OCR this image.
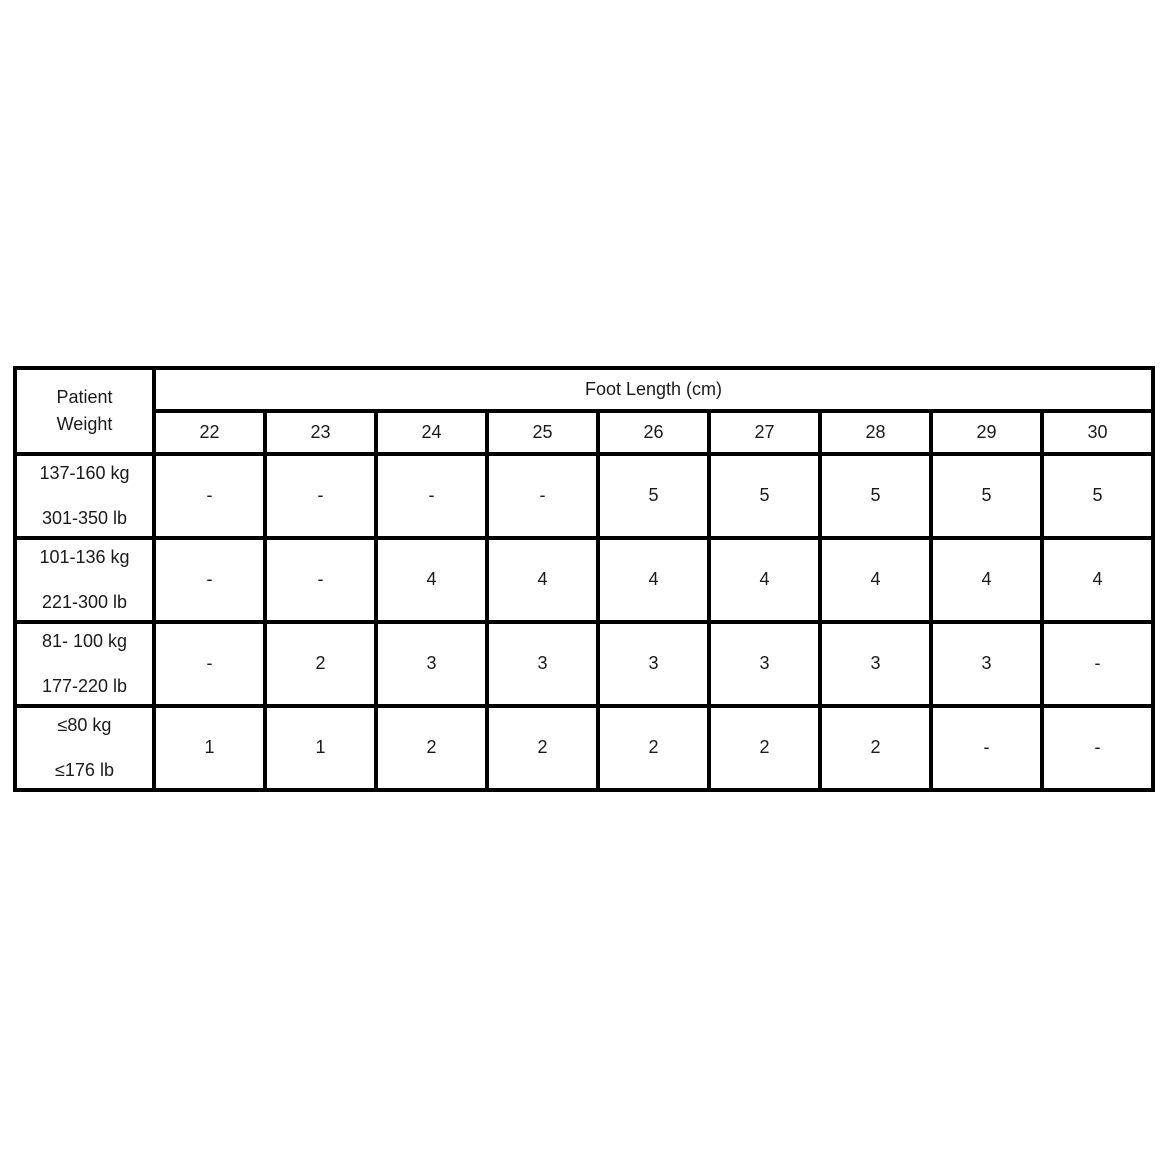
Patient
Weight	Foot Length (cm)								
	22	23	24	25	26	27	28	29	30

137-160 kg
301-350 lb	-	-	-	-	5	5	5	5	5

101-136 kg
221-300 lb	-	-	4	4	4	4	4	4	4

81- 100 kg
177-220 lb	-	2	3	3	3	3	3	3	-

≤80 kg
≤176 lb	1	1	2	2	2	2	2	-	-
